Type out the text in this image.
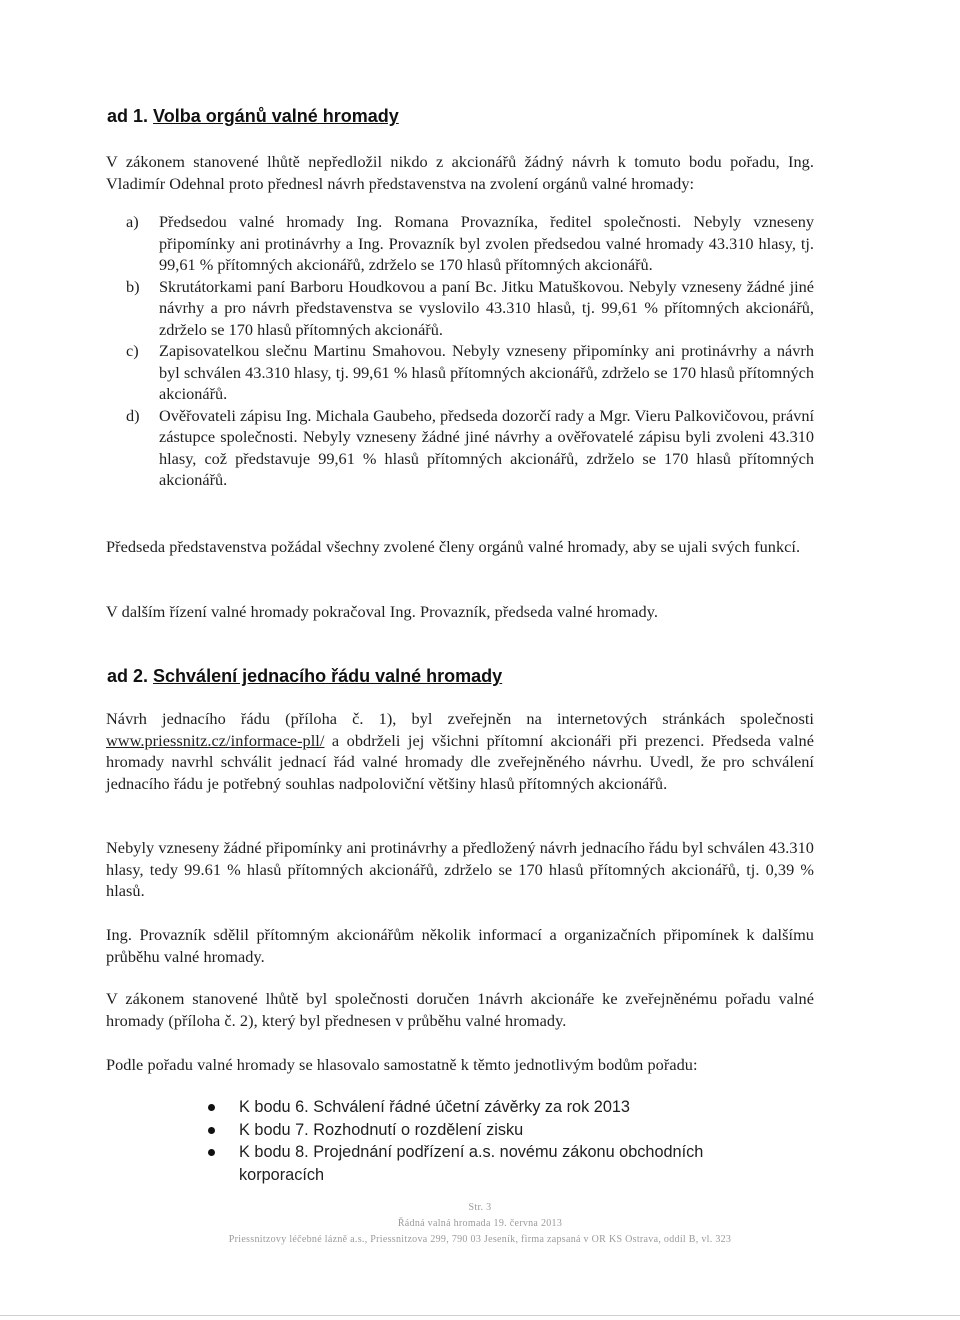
ad 1. Volba orgánů valné hromady

V zákonem stanovené lhůtě nepředložil nikdo z akcionářů žádný návrh k tomuto bodu pořadu, Ing. Vladimír Odehnal proto přednesl návrh představenstva na zvolení orgánů valné hromady:

a) Předsedou valné hromady Ing. Romana Provazníka, ředitel společnosti. Nebyly vzneseny připomínky ani protinávrhy a Ing. Provazník byl zvolen předsedou valné hromady 43.310 hlasy, tj. 99,61 % přítomných akcionářů, zdrželo se 170 hlasů přítomných akcionářů.
b) Skrutátorkami paní Barboru Houdkovou a paní Bc. Jitku Matuškovou. Nebyly vzneseny žádné jiné návrhy a pro návrh představenstva se vyslovilo 43.310 hlasů, tj. 99,61 % přítomných akcionářů, zdrželo se 170 hlasů přítomných akcionářů.
c) Zapisovatelkou slečnu Martinu Smahovou. Nebyly vzneseny připomínky ani protinávrhy a návrh byl schválen 43.310 hlasy, tj. 99,61 % hlasů přítomných akcionářů, zdrželo se 170 hlasů přítomných akcionářů.
d) Ověřovateli zápisu Ing. Michala Gaubeho, předseda dozorčí rady a Mgr. Vieru Palkovičovou, právní zástupce společnosti. Nebyly vzneseny žádné jiné návrhy a ověřovatelé zápisu byli zvoleni 43.310 hlasy, což představuje 99,61 % hlasů přítomných akcionářů, zdrželo se 170 hlasů přítomných akcionářů.

Předseda představenstva požádal všechny zvolené členy orgánů valné hromady, aby se ujali svých funkcí.

V dalším řízení valné hromady pokračoval Ing. Provazník, předseda valné hromady.

ad 2. Schválení jednacího řádu valné hromady

Návrh jednacího řádu (příloha č. 1), byl zveřejněn na internetových stránkách společnosti www.priessnitz.cz/informace-pll/ a obdrželi jej všichni přítomní akcionáři při prezenci. Předseda valné hromady navrhl schválit jednací řád valné hromady dle zveřejněného návrhu. Uvedl, že pro schválení jednacího řádu je potřebný souhlas nadpoloviční většiny hlasů přítomných akcionářů.

Nebyly vzneseny žádné připomínky ani protinávrhy a předložený návrh jednacího řádu byl schválen 43.310 hlasy, tedy 99.61 % hlasů přítomných akcionářů, zdrželo se 170 hlasů přítomných akcionářů, tj. 0,39 % hlasů.

Ing. Provazník sdělil přítomným akcionářům několik informací a organizačních připomínek k dalšímu průběhu valné hromady.

V zákonem stanovené lhůtě byl společnosti doručen 1návrh akcionáře ke zveřejněnému pořadu valné hromady (příloha č. 2), který byl přednesen v průběhu valné hromady.

Podle pořadu valné hromady se hlasovalo samostatně k těmto jednotlivým bodům pořadu:

K bodu 6. Schválení řádné účetní závěrky za rok 2013
K bodu 7. Rozhodnutí o rozdělení zisku
K bodu 8. Projednání podřízení a.s. novému zákonu obchodních korporacích
Str. 3
Řádná valná hromada 19. června 2013
Priessnitzovy léčebné lázně a.s., Priessnitzova 299, 790 03 Jeseník, firma zapsaná v OR KS Ostrava, oddíl B, vl. 323
